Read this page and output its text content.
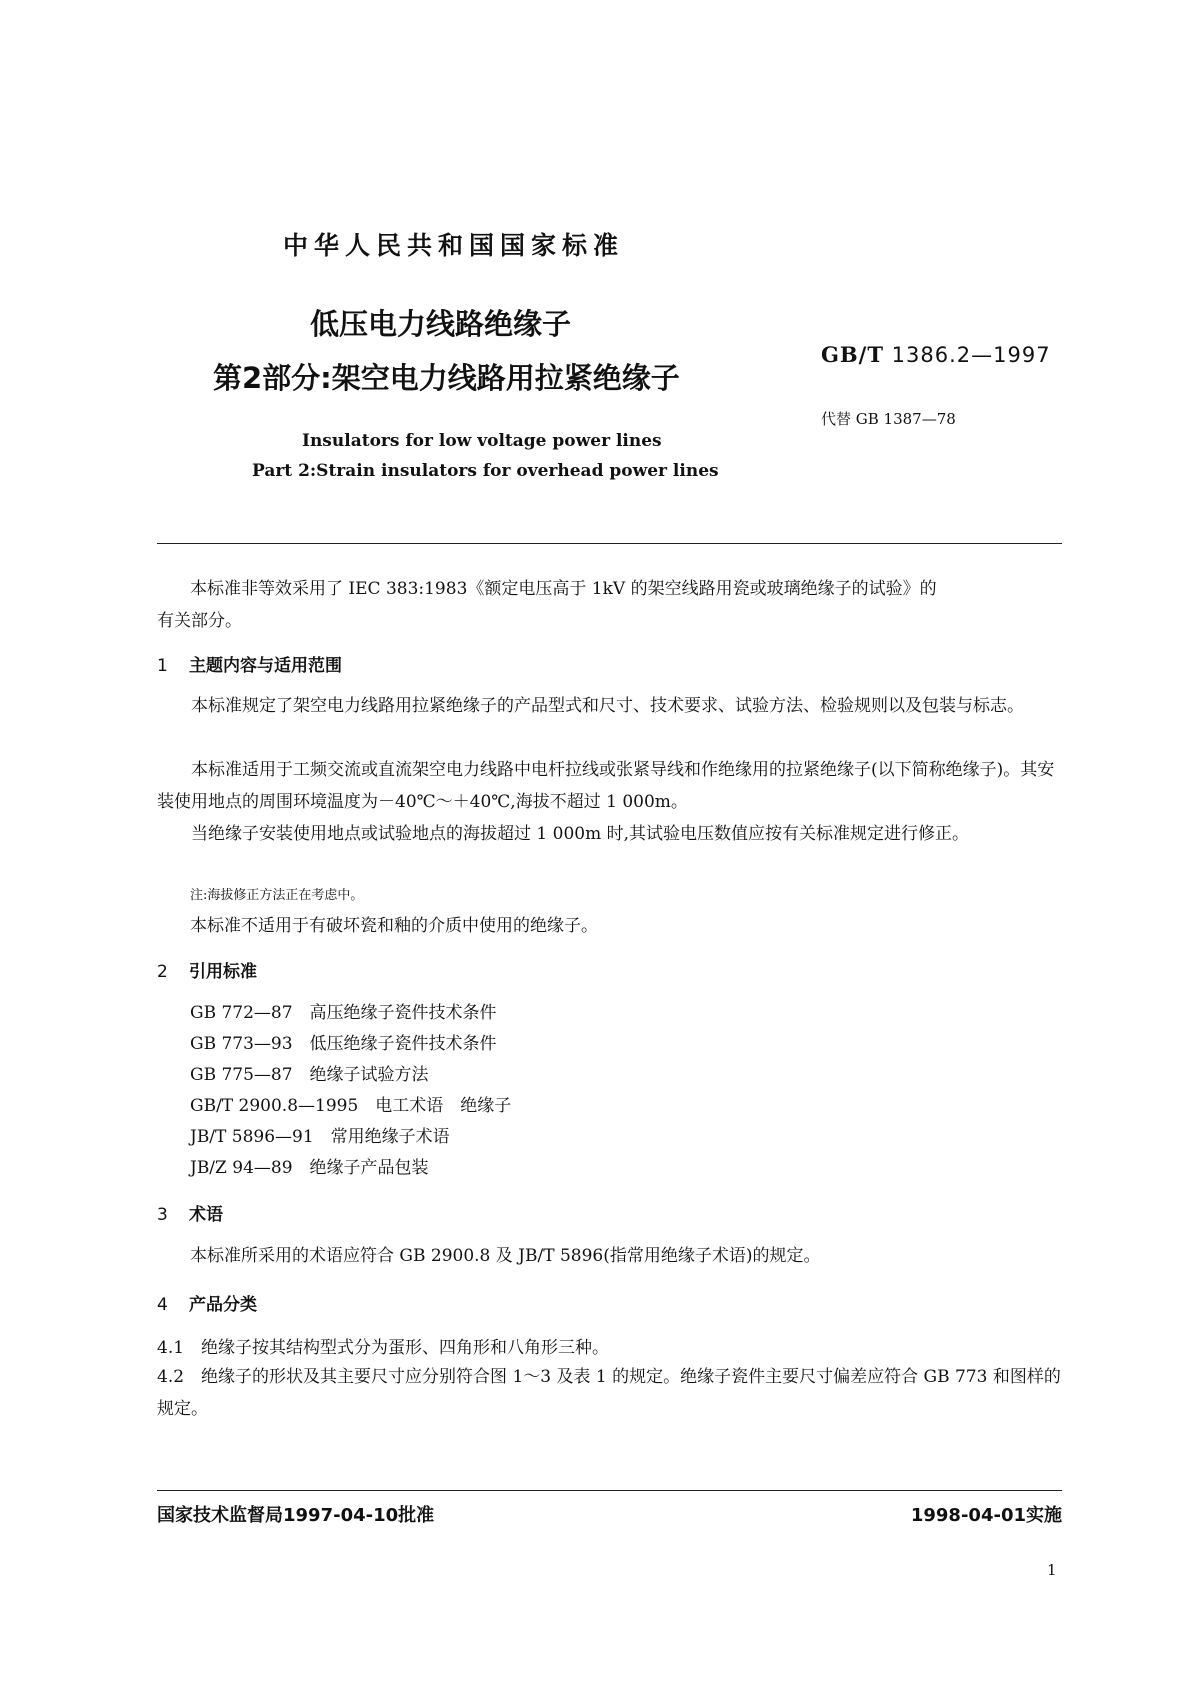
中华人民共和国国家标准
低压电力线路绝缘子
第2部分:架空电力线路用拉紧绝缘子
GB/T 1386.2—1997
代替 GB 1387—78
Insulators for low voltage power lines
Part 2:Strain insulators for overhead power lines
本标准非等效采用了 IEC 383:1983《额定电压高于 1kV 的架空线路用瓷或玻璃绝缘子的试验》的
有关部分。
1 主题内容与适用范围
本标准规定了架空电力线路用拉紧绝缘子的产品型式和尺寸、技术要求、试验方法、检验规则以及包装与标志。
本标准适用于工频交流或直流架空电力线路中电杆拉线或张紧导线和作绝缘用的拉紧绝缘子(以下简称绝缘子)。其安装使用地点的周围环境温度为－40℃～＋40℃,海拔不超过 1 000m。
当绝缘子安装使用地点或试验地点的海拔超过 1 000m 时,其试验电压数值应按有关标准规定进行修正。
注:海拔修正方法正在考虑中。
本标准不适用于有破坏瓷和釉的介质中使用的绝缘子。
2 引用标准
GB 772—87　高压绝缘子瓷件技术条件
GB 773—93　低压绝缘子瓷件技术条件
GB 775—87　绝缘子试验方法
GB/T 2900.8—1995　电工术语　绝缘子
JB/T 5896—91　常用绝缘子术语
JB/Z 94—89　绝缘子产品包装
3 术语
本标准所采用的术语应符合 GB 2900.8 及 JB/T 5896(指常用绝缘子术语)的规定。
4 产品分类
4.1　绝缘子按其结构型式分为蛋形、四角形和八角形三种。
4.2　绝缘子的形状及其主要尺寸应分别符合图 1～3 及表 1 的规定。绝缘子瓷件主要尺寸偏差应符合 GB 773 和图样的规定。
国家技术监督局1997-04-10批准	1998-04-01实施
1
